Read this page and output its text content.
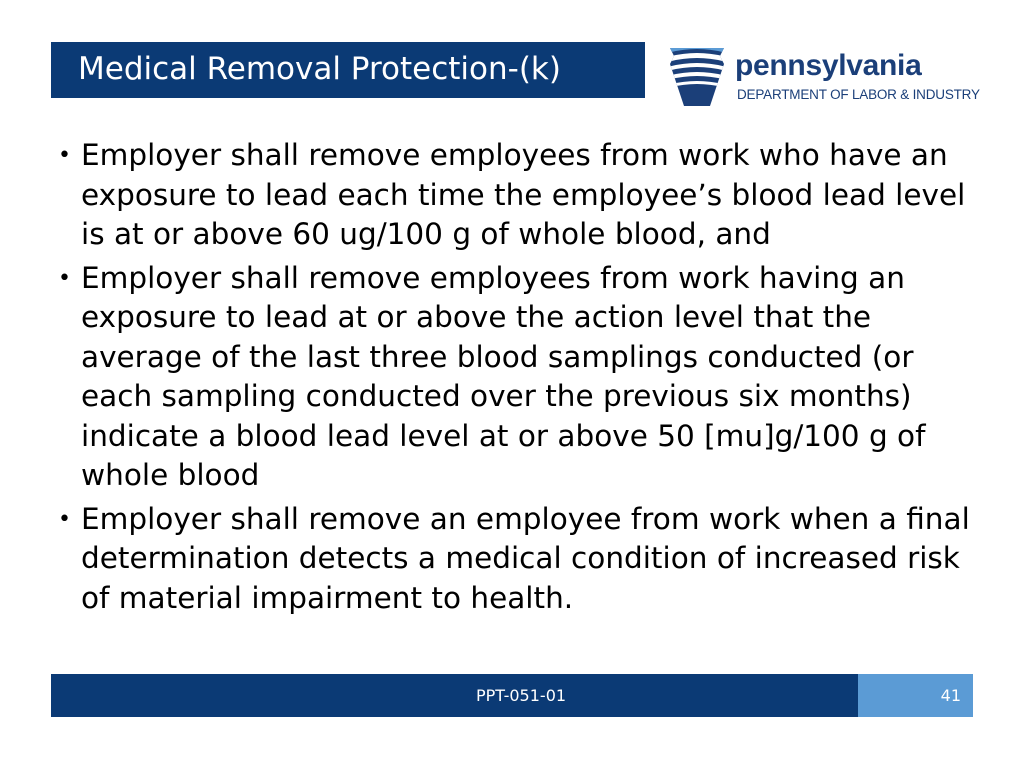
Medical Removal Protection-(k)	pennsylvania
DEPARTMENT OF LABOR & INDUSTRY
• Employer shall remove employees from work who have an exposure to lead each time the employee’s blood lead level is at or above 60 ug/100 g of whole blood, and
• Employer shall remove employees from work having an exposure to lead at or above the action level that the average of the last three blood samplings conducted (or each sampling conducted over the previous six months) indicate a blood lead level at or above 50 [mu]g/100 g of whole blood
• Employer shall remove an employee from work when a final determination detects a medical condition of increased risk of material impairment to health.
PPT-051-01	41
